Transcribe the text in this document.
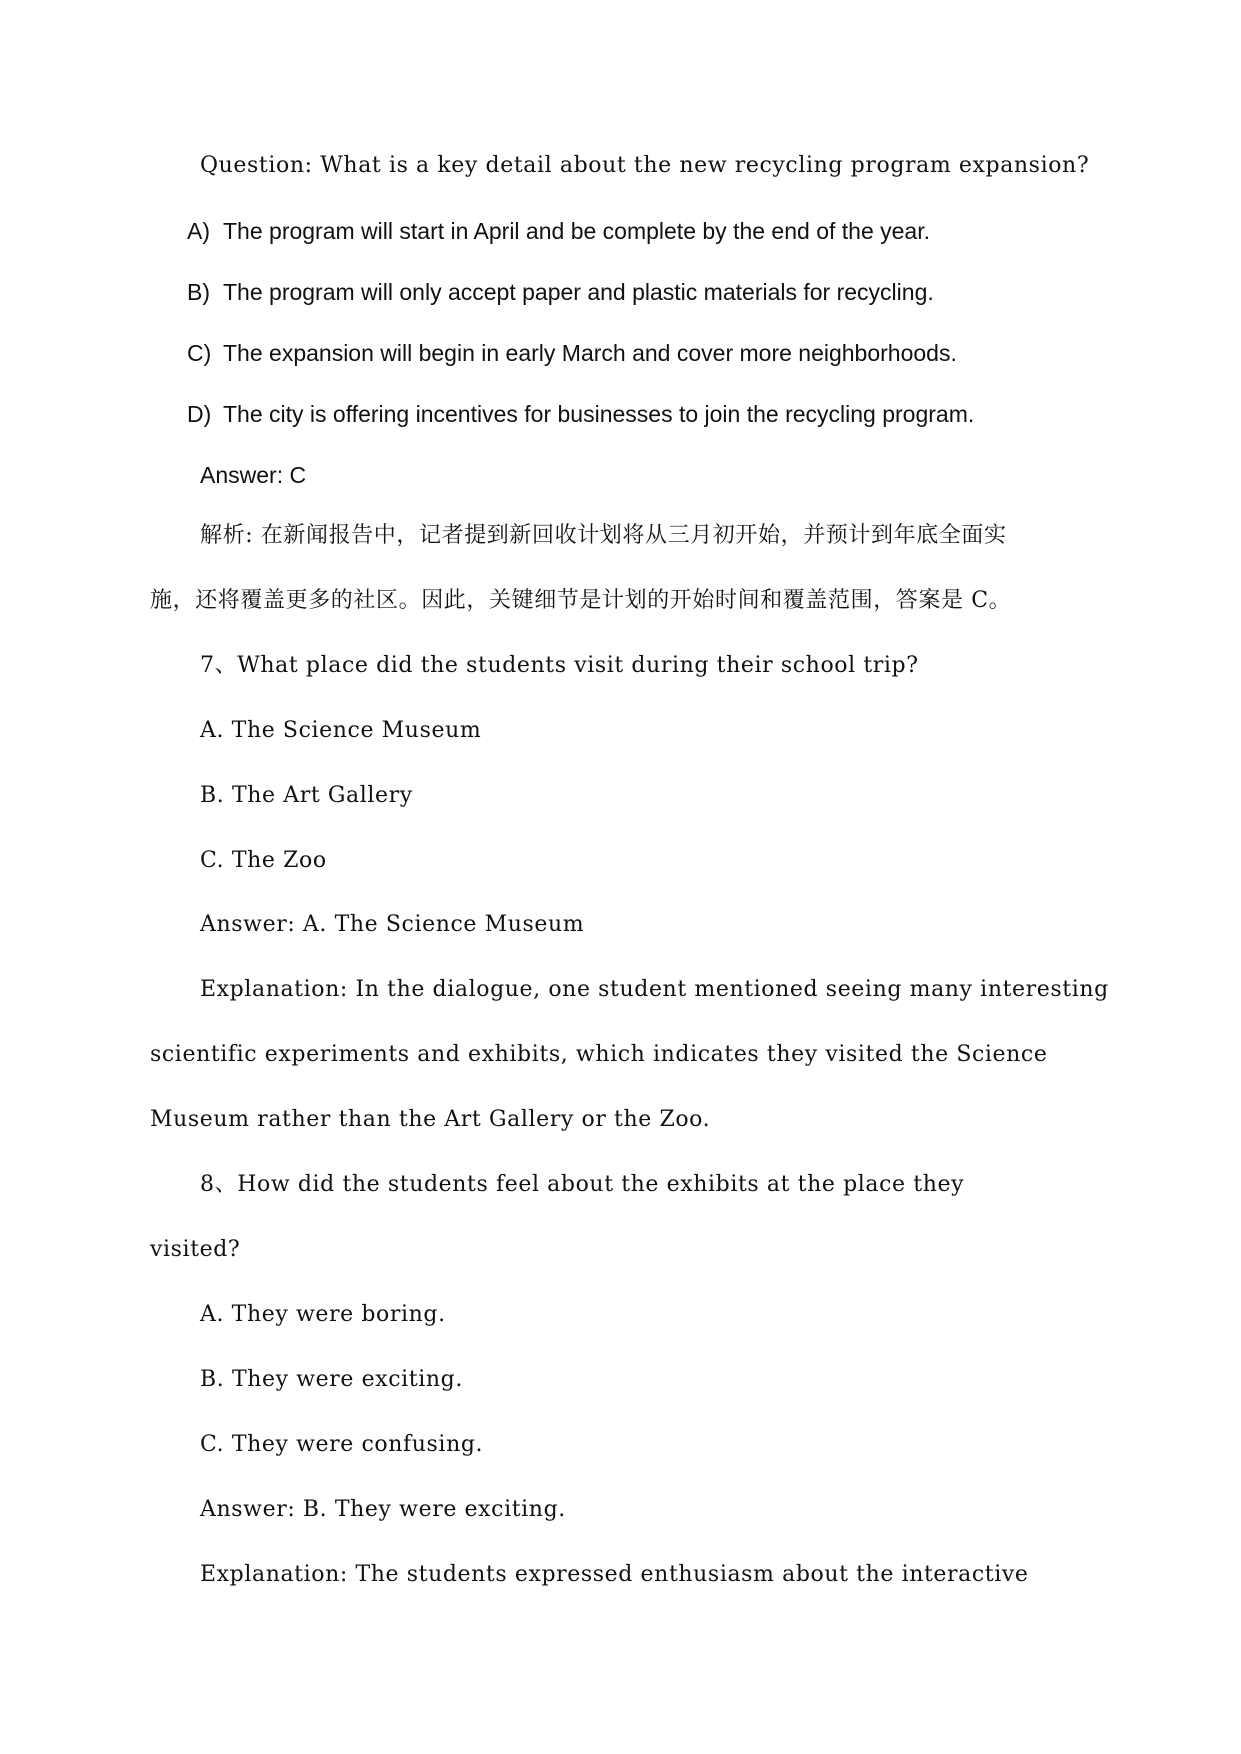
Question: What is a key detail about the new recycling program expansion?
A) The program will start in April and be complete by the end of the year.
B) The program will only accept paper and plastic materials for recycling.
C) The expansion will begin in early March and cover more neighborhoods.
D) The city is offering incentives for businesses to join the recycling program.
Answer: C
解析: 在新闻报告中，记者提到新回收计划将从三月初开始，并预计到年底全面实
施，还将覆盖更多的社区。因此，关键细节是计划的开始时间和覆盖范围，答案是 C。
7、What place did the students visit during their school trip?
A. The Science Museum
B. The Art Gallery
C. The Zoo
Answer: A. The Science Museum
Explanation: In the dialogue, one student mentioned seeing many interesting
scientific experiments and exhibits, which indicates they visited the Science
Museum rather than the Art Gallery or the Zoo.
8、How did the students feel about the exhibits at the place they
visited?
A. They were boring.
B. They were exciting.
C. They were confusing.
Answer: B. They were exciting.
Explanation: The students expressed enthusiasm about the interactive
